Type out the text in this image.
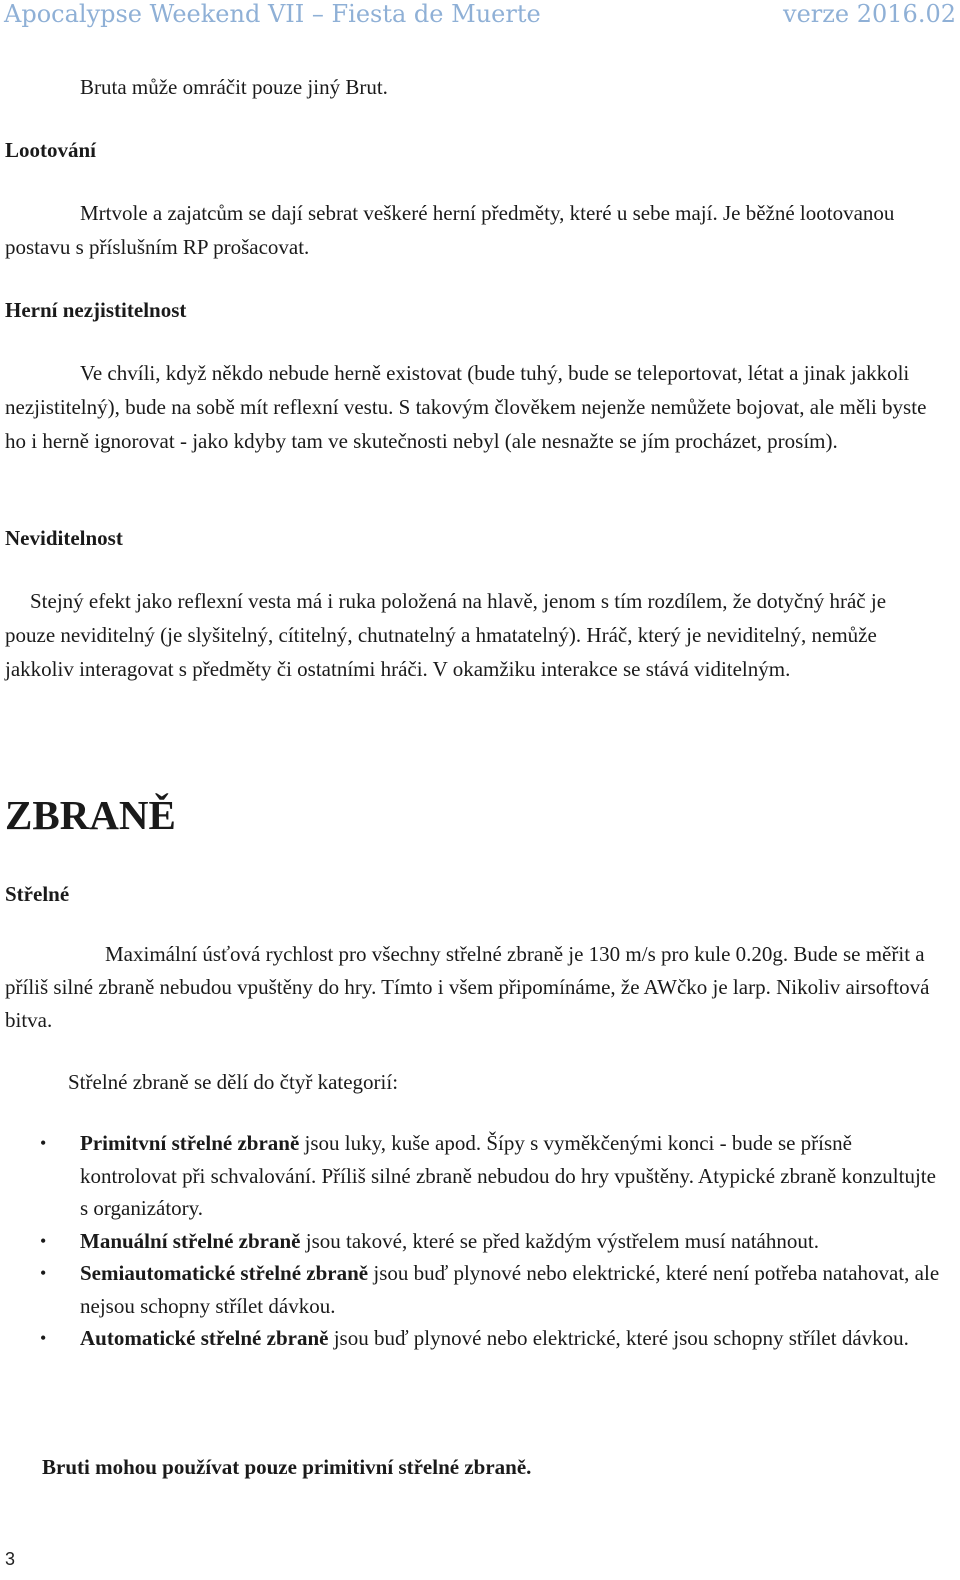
Apocalypse Weekend VII – Fiesta de Muerte	verze 2016.02
Bruta může omráčit pouze jiný Brut.
Lootování
Mrtvole a zajatcům se dají sebrat veškeré herní předměty, které u sebe mají. Je běžné lootovanou postavu s příslušním RP prošacovat.
Herní nezjistitelnost
Ve chvíli, když někdo nebude herně existovat (bude tuhý, bude se teleportovat, létat a jinak jakkoli nezjistitelný), bude na sobě mít reflexní vestu. S takovým člověkem nejenže nemůžete bojovat, ale měli byste ho i herně ignorovat - jako kdyby tam ve skutečnosti nebyl (ale nesnažte se jím procházet, prosím).
Neviditelnost
Stejný efekt jako reflexní vesta má i ruka položená na hlavě, jenom s tím rozdílem, že dotyčný hráč je pouze neviditelný (je slyšitelný, cítitelný, chutnatelný a hmatatelný). Hráč, který je neviditelný, nemůže jakkoliv interagovat s předměty či ostatními hráči. V okamžiku interakce se stává viditelným.
ZBRANĚ
Střelné
Maximální úsťová rychlost pro všechny střelné zbraně je 130 m/s pro kule 0.20g. Bude se měřit a příliš silné zbraně nebudou vpuštěny do hry. Tímto i všem připomínáme, že AWčko je larp. Nikoliv airsoftová bitva.
Střelné zbraně se dělí do čtyř kategorií:
• Primitvní střelné zbraně jsou luky, kuše apod. Šípy s vyměkčenými konci - bude se přísně kontrolovat při schvalování. Příliš silné zbraně nebudou do hry vpuštěny. Atypické zbraně konzultujte s organizátory.
• Manuální střelné zbraně jsou takové, které se před každým výstřelem musí natáhnout.
• Semiautomatické střelné zbraně jsou buď plynové nebo elektrické, které není potřeba natahovat, ale nejsou schopny střílet dávkou.
• Automatické střelné zbraně jsou buď plynové nebo elektrické, které jsou schopny střílet dávkou.
Bruti mohou používat pouze primitivní střelné zbraně.
3
